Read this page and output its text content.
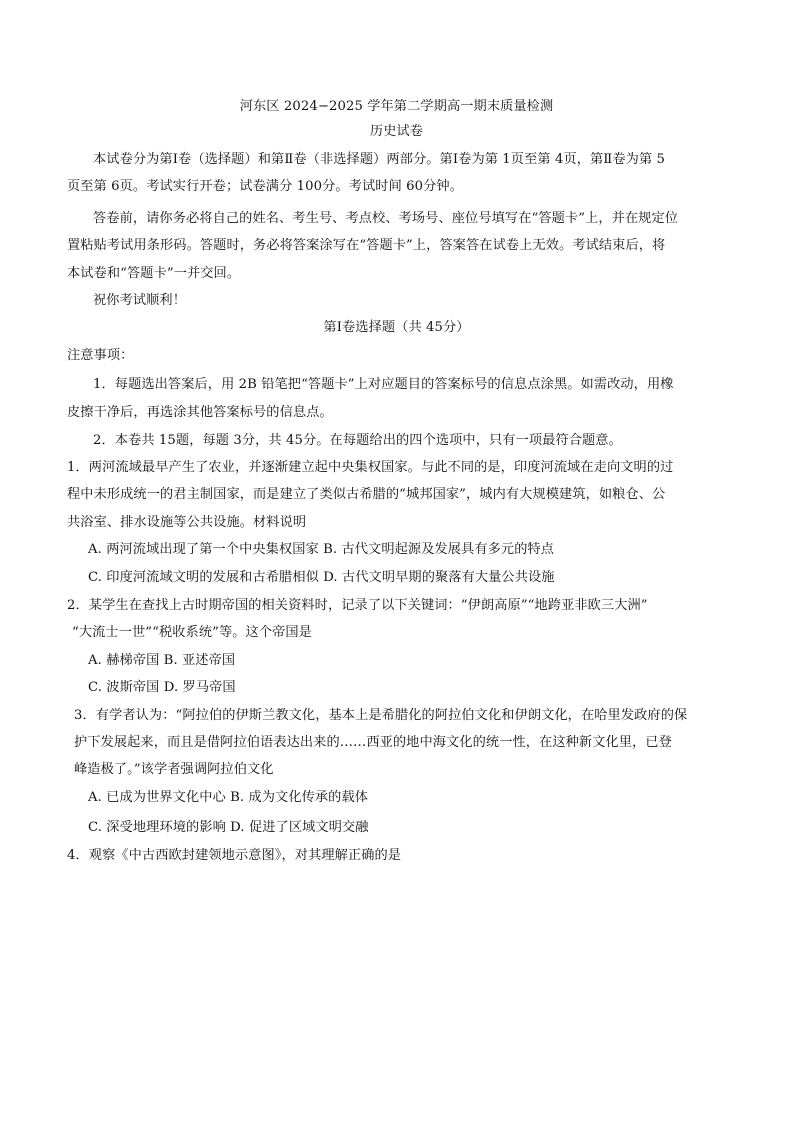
河东区 2024−2025 学年第二学期高一期末质量检测
历史试卷
本试卷分为第Ⅰ卷（选择题）和第Ⅱ卷（非选择题）两部分。第Ⅰ卷为第 1页至第 4页，第Ⅱ卷为第 5
页至第 6页。考试实行开卷；试卷满分 100分。考试时间 60分钟。
答卷前，请你务必将自己的姓名、考生号、考点校、考场号、座位号填写在“答题卡”上，并在规定位
置粘贴考试用条形码。答题时，务必将答案涂写在“答题卡”上，答案答在试卷上无效。考试结束后，将
本试卷和“答题卡”一并交回。
祝你考试顺利！
第Ⅰ卷选择题（共 45分）
注意事项：
1．每题选出答案后，用 2B 铅笔把“答题卡”上对应题目的答案标号的信息点涂黑。如需改动，用橡
皮擦干净后，再选涂其他答案标号的信息点。
2．本卷共 15题，每题 3分，共 45分。在每题给出的四个选项中，只有一项最符合题意。
1．两河流域最早产生了农业，并逐渐建立起中央集权国家。与此不同的是，印度河流域在走向文明的过
程中未形成统一的君主制国家，而是建立了类似古希腊的“城邦国家”，城内有大规模建筑，如粮仓、公
共浴室、排水设施等公共设施。材料说明
A. 两河流域出现了第一个中央集权国家 B. 古代文明起源及发展具有多元的特点
C. 印度河流域文明的发展和古希腊相似 D. 古代文明早期的聚落有大量公共设施
2．某学生在查找上古时期帝国的相关资料时，记录了以下关键词：“伊朗高原”“地跨亚非欧三大洲”
“大流士一世”“税收系统”等。这个帝国是
A. 赫梯帝国 B. 亚述帝国
C. 波斯帝国 D. 罗马帝国
3．有学者认为：“阿拉伯的伊斯兰教文化，基本上是希腊化的阿拉伯文化和伊朗文化，在哈里发政府的保
护下发展起来，而且是借阿拉伯语表达出来的……西亚的地中海文化的统一性，在这种新文化里，已登
峰造极了。”该学者强调阿拉伯文化
A. 已成为世界文化中心 B. 成为文化传承的载体
C. 深受地理环境的影响 D. 促进了区域文明交融
4．观察《中古西欧封建领地示意图》，对其理解正确的是
